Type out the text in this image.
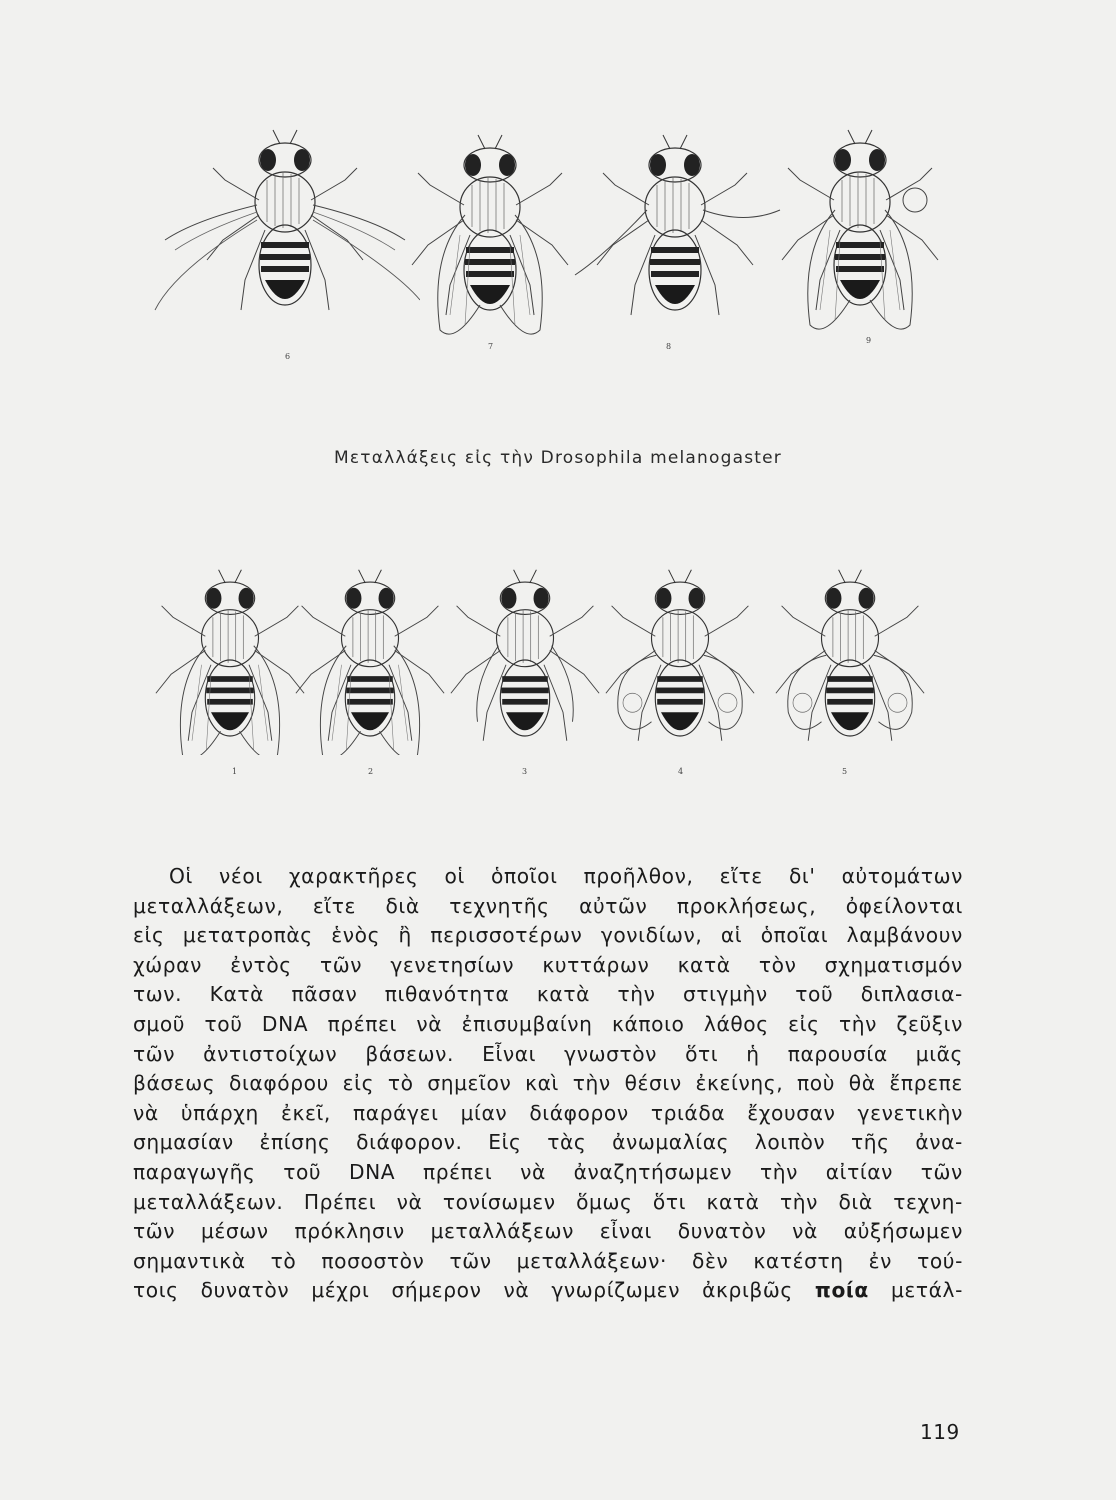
6
7	8
9
Μεταλλάξεις εἰς τὴν Drosophila melanogaster
1	2	3	4	5
Οἱ νέοι χαρακτῆρες οἱ ὁποῖοι προῆλθον, εἴτε δι' αὐτομάτων
μεταλλάξεων, εἴτε διὰ τεχνητῆς αὐτῶν προκλήσεως, ὀφείλονται
εἰς μετατροπὰς ἑνὸς ἢ περισσοτέρων γονιδίων, αἱ ὁποῖαι λαμβάνουν
χώραν ἐντὸς τῶν γενετησίων κυττάρων κατὰ τὸν σχηματισμόν
των. Κατὰ πᾶσαν πιθανότητα κατὰ τὴν στιγμὴν τοῦ διπλασια-
σμοῦ τοῦ DNA πρέπει νὰ ἐπισυμβαίνη κάποιο λάθος εἰς τὴν ζεῦξιν
τῶν ἀντιστοίχων βάσεων. Εἶναι γνωστὸν ὅτι ἡ παρουσία μιᾶς
βάσεως διαφόρου εἰς τὸ σημεῖον καὶ τὴν θέσιν ἐκείνης, ποὺ θὰ ἔπρεπε
νὰ ὑπάρχη ἐκεῖ, παράγει μίαν διάφορον τριάδα ἔχουσαν γενετικὴν
σημασίαν ἐπίσης διάφορον. Εἰς τὰς ἀνωμαλίας λοιπὸν τῆς ἀνα-
παραγωγῆς τοῦ DNA πρέπει νὰ ἀναζητήσωμεν τὴν αἰτίαν τῶν
μεταλλάξεων. Πρέπει νὰ τονίσωμεν ὅμως ὅτι κατὰ τὴν διὰ τεχνη-
τῶν μέσων πρόκλησιν μεταλλάξεων εἶναι δυνατὸν νὰ αὐξήσωμεν
σημαντικὰ τὸ ποσοστὸν τῶν μεταλλάξεων· δὲν κατέστη ἐν τού-
τοις δυνατὸν μέχρι σήμερον νὰ γνωρίζωμεν ἀκριβῶς ποία μετάλ-
119
